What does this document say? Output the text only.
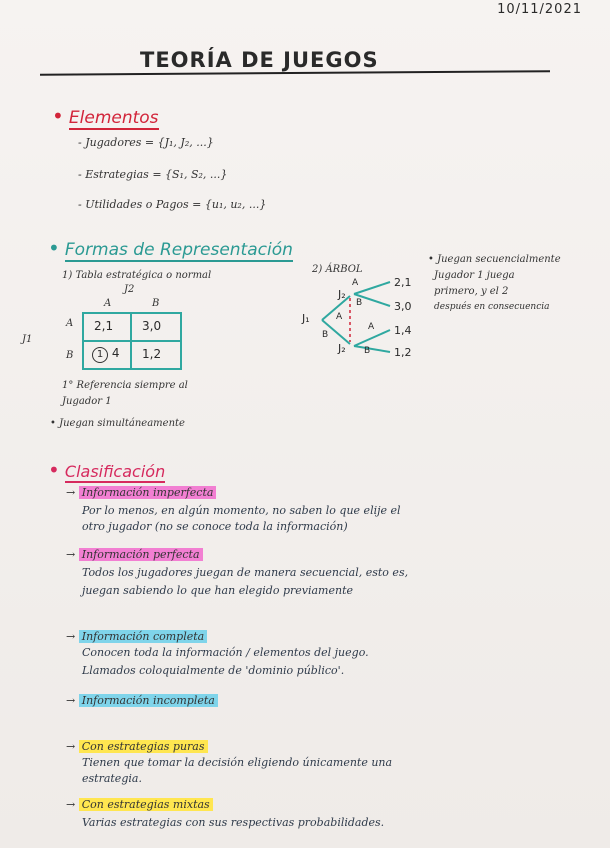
10/11/2021
TEORÍA DE JUEGOS
• Elementos
- Jugadores = {J₁, J₂, ...}
- Estrategias = {S₁, S₂, ...}
- Utilidades o Pagos = {u₁, u₂, ...}
• Formas de Representación
1) Tabla estratégica o normal
J2
A	B
J1
A
B
2,1 3,0
1 4 1,2
1° Referencia siempre al
Jugador 1
• Juegan simultáneamente
2) ÁRBOL
J₁
J₂
J₂
A
B
A
B
A
B
2,1
3,0
1,4
1,2
• Juegan secuencialmente
Jugador 1 juega
primero, y el 2
después en consecuencia
• Clasificación
→ Información imperfecta
Por lo menos, en algún momento, no saben lo que elije el
otro jugador (no se conoce toda la información)
→ Información perfecta
Todos los jugadores juegan de manera secuencial, esto es,
juegan sabiendo lo que han elegido previamente
→ Información completa
Conocen toda la información / elementos del juego.
Llamados coloquialmente de 'dominio público'.
→ Información incompleta
→ Con estrategias puras
Tienen que tomar la decisión eligiendo únicamente una
estrategia.
→ Con estrategias mixtas
Varias estrategias con sus respectivas probabilidades.
